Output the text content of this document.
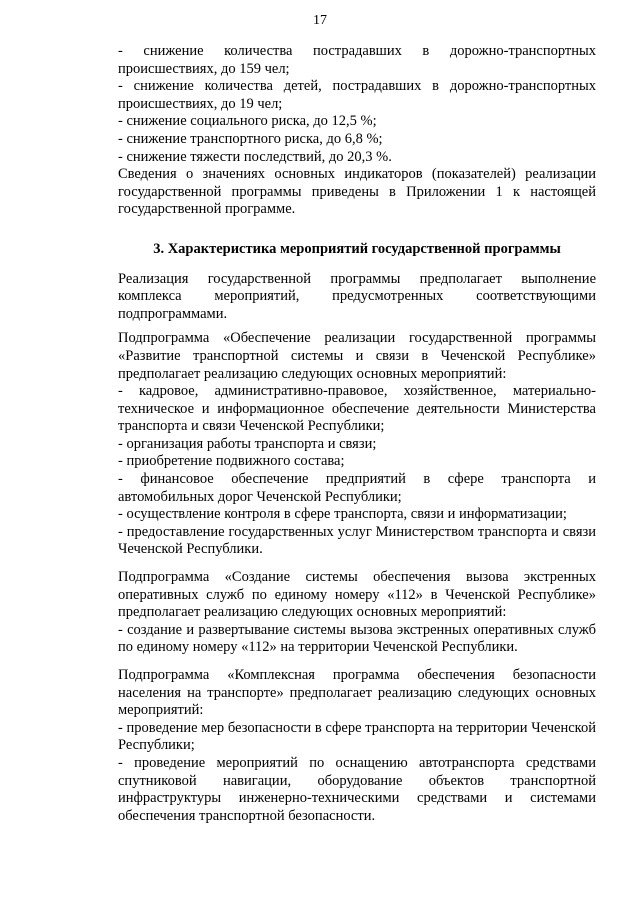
17

- снижение количества пострадавших в дорожно-транспортных происшествиях, до 159 чел;

- снижение количества детей, пострадавших в дорожно-транспортных происшествиях, до 19 чел;

- снижение социального риска, до 12,5 %;

- снижение транспортного риска, до 6,8 %;

- снижение тяжести последствий, до 20,3 %.

Сведения о значениях основных индикаторов (показателей) реализации государственной программы приведены в Приложении 1 к настоящей государственной программе.

3. Характеристика мероприятий государственной программы

Реализация государственной программы предполагает выполнение комплекса мероприятий, предусмотренных соответствующими подпрограммами.

Подпрограмма «Обеспечение реализации государственной программы «Развитие транспортной системы и связи в Чеченской Республике» предполагает реализацию следующих основных мероприятий:

- кадровое, административно-правовое, хозяйственное, материально-техническое и информационное обеспечение деятельности Министерства транспорта и связи Чеченской Республики;

- организация работы транспорта и связи;

- приобретение подвижного состава;

- финансовое обеспечение предприятий в сфере транспорта и автомобильных дорог Чеченской Республики;

- осуществление контроля в сфере транспорта, связи и информатизации;

- предоставление государственных услуг Министерством транспорта и связи Чеченской Республики.

Подпрограмма «Создание системы обеспечения вызова экстренных оперативных служб по единому номеру «112» в Чеченской Республике» предполагает реализацию следующих основных мероприятий:

- создание и развертывание системы вызова экстренных оперативных служб по единому номеру «112» на территории Чеченской Республики.

Подпрограмма «Комплексная программа обеспечения безопасности населения на транспорте» предполагает реализацию следующих основных мероприятий:

- проведение мер безопасности в сфере транспорта на территории Чеченской Республики;

- проведение мероприятий по оснащению автотранспорта средствами спутниковой навигации, оборудование объектов транспортной инфраструктуры инженерно-техническими средствами и системами обеспечения транспортной безопасности.
